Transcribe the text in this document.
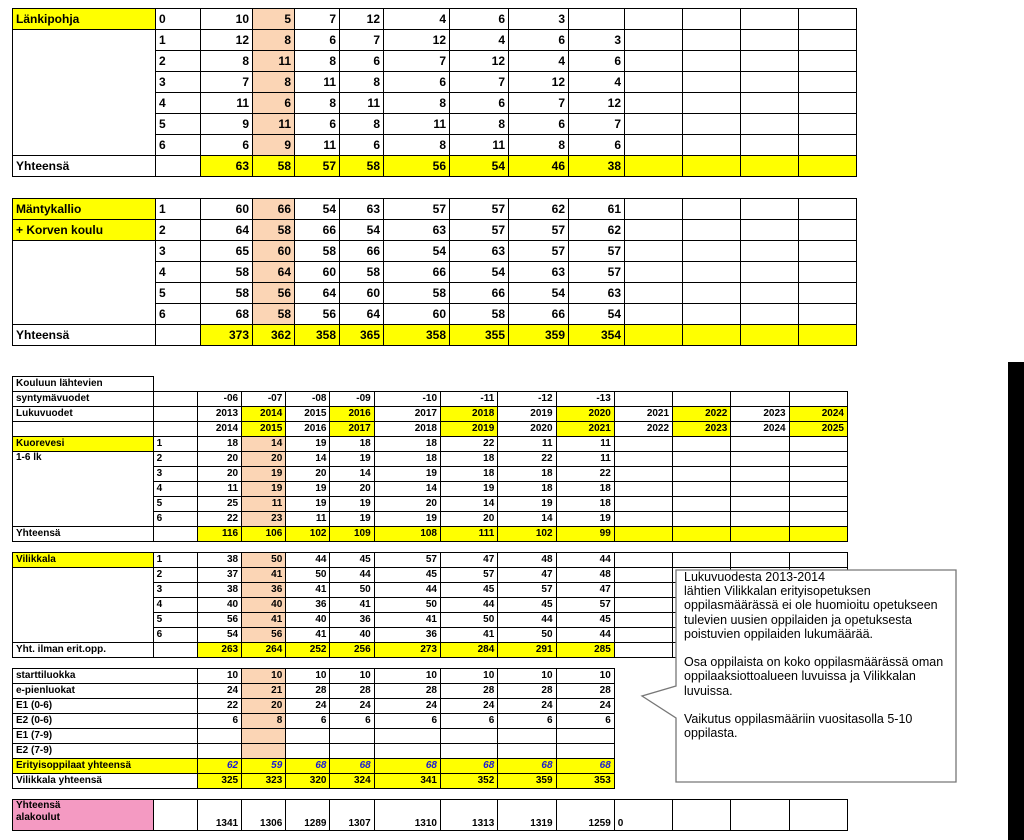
Länkipohja	0	10	5	7	12	4	6	3					
	1	12	8	6	7	12	4	6	3				
	2	8	11	8	6	7	12	4	6				
	3	7	8	11	8	6	7	12	4				
	4	11	6	8	11	8	6	7	12				
	5	9	11	6	8	11	8	6	7				
	6	6	9	11	6	8	11	8	6				
Yhteensä		63	58	57	58	56	54	46	38				
Mäntykallio	1	60	66	54	63	57	57	62	61				
+ Korven koulu	2	64	58	66	54	63	57	57	62				
	3	65	60	58	66	54	63	57	57				
	4	58	64	60	58	66	54	63	57				
	5	58	56	64	60	58	66	54	63				
	6	68	58	56	64	60	58	66	54				
Yhteensä		373	362	358	365	358	355	359	354				
Kouluun lähtevien													
syntymävuodet		-06	-07	-08	-09	-10	-11	-12	-13				
Lukuvuodet		2013	2014	2015	2016	2017	2018	2019	2020	2021	2022	2023	2024
		2014	2015	2016	2017	2018	2019	2020	2021	2022	2023	2024	2025
Kuorevesi	1	18	14	19	18	18	22	11	11				
1-6 lk	2	20	20	14	19	18	18	22	11				
	3	20	19	20	14	19	18	18	22				
	4	11	19	19	20	14	19	18	18				
	5	25	11	19	19	20	14	19	18				
	6	22	23	11	19	19	20	14	19				
Yhteensä		116	106	102	109	108	111	102	99				

Vilikkala	1	38	50	44	45	57	47	48	44				
	2	37	41	50	44	45	57	47	48				
	3	38	36	41	50	44	45	57	47				
	4	40	40	36	41	50	44	45	57				
	5	56	41	40	36	41	50	44	45				
	6	54	56	41	40	36	41	50	44				
Yht. ilman erit.opp.		263	264	252	256	273	284	291	285				

starttiluokka		10	10	10	10	10	10	10	10				
e-pienluokat		24	21	28	28	28	28	28	28				
E1 (0-6)		22	20	24	24	24	24	24	24				
E2 (0-6)		6	8	6	6	6	6	6	6				
E1 (7-9)													
E2 (7-9)													
Erityisoppilaat yhteensä		62	59	68	68	68	68	68	68				
Vilikkala yhteensä		325	323	320	324	341	352	359	353				

Yhteensä
alakoulut		1341	1306	1289	1307	1310	1313	1319	1259	0			
Lukuvuodesta 2013-2014
lähtien Vilikkalan erityisopetuksen oppilasmäärässä ei ole huomioitu opetukseen tulevien uusien oppilaiden ja opetuksesta poistuvien oppilaiden lukumäärää.

Osa oppilaista on koko oppilasmäärässä oman oppilaaksiottoalueen luvuissa ja Vilikkalan luvuissa.

Vaikutus oppilasmääriin vuositasolla 5-10 oppilasta.
